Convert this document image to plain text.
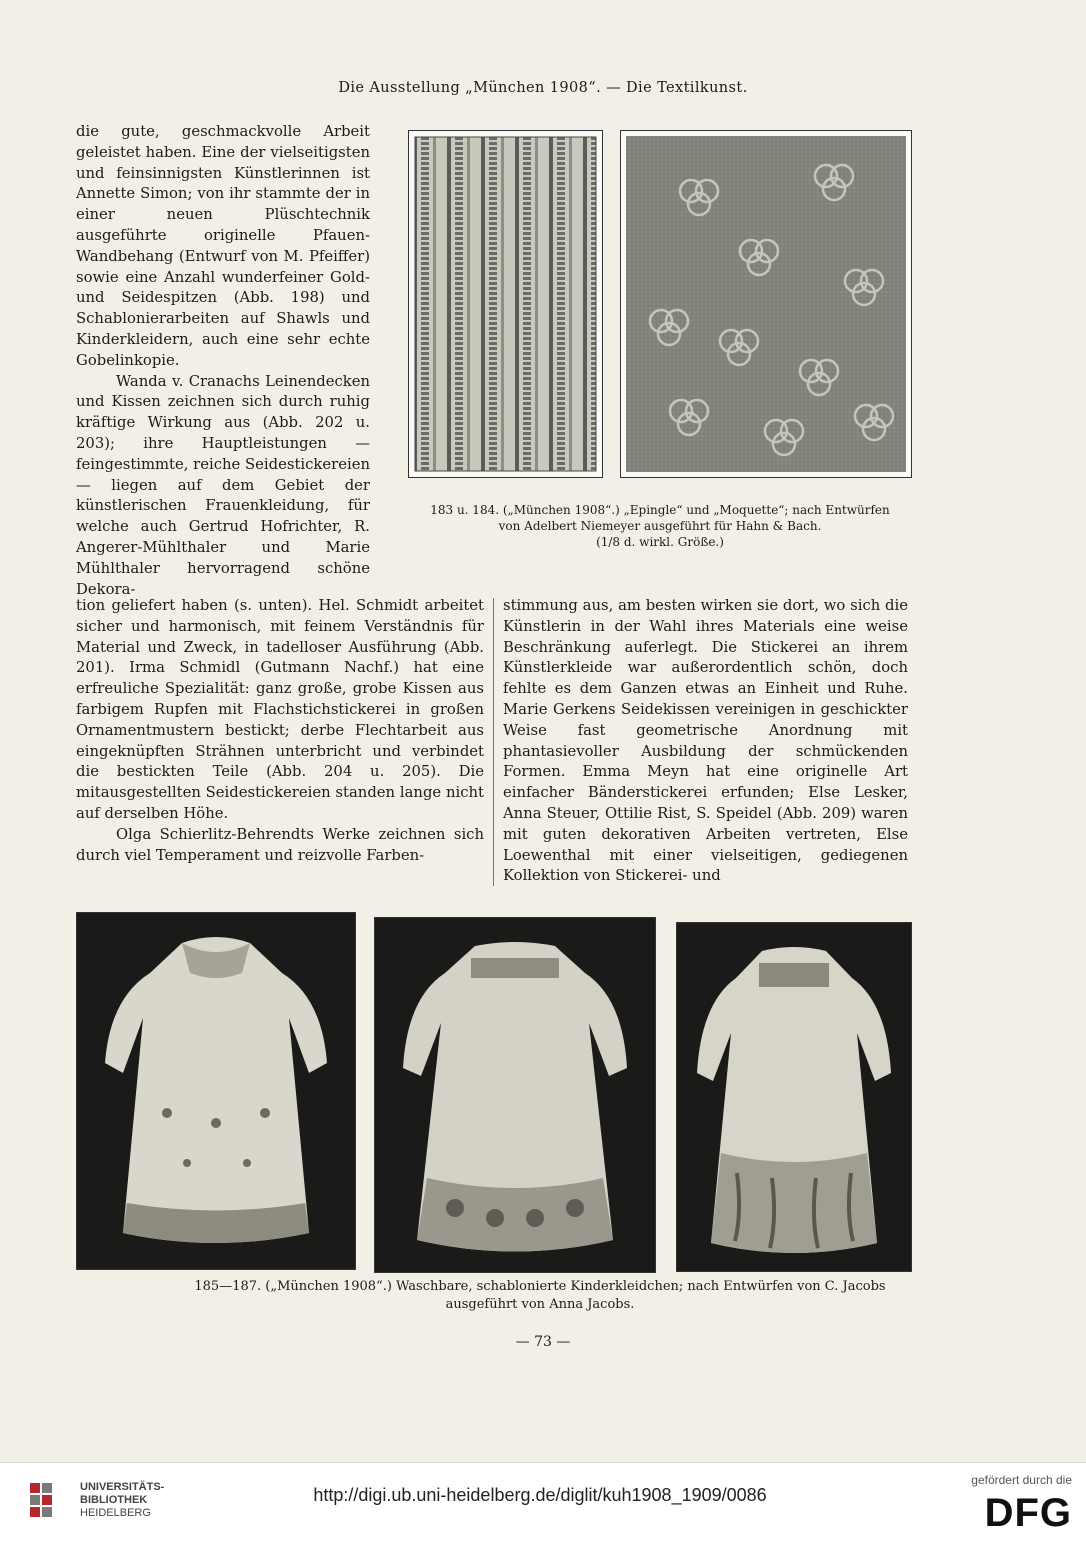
Die Ausstellung „München 1908“. — Die Textilkunst.

die gute, geschmackvolle Arbeit geleistet haben. Eine der vielseitigsten und feinsinnigsten Künstlerinnen ist Annette Simon; von ihr stammte der in einer neuen Plüschtechnik ausgeführte originelle Pfauen-Wandbehang (Entwurf von M. Pfeiffer) sowie eine Anzahl wunderfeiner Gold- und Seidespitzen (Abb. 198) und Schablonierarbeiten auf Shawls und Kinderkleidern, auch eine sehr echte Gobelinkopie.

Wanda v. Cranachs Leinendecken und Kissen zeichnen sich durch ruhig kräftige Wirkung aus (Abb. 202 u. 203); ihre Hauptleistungen — feingestimmte, reiche Seidestickereien — liegen auf dem Gebiet der künstlerischen Frauenkleidung, für welche auch Gertrud Hofrichter, R. Angerer-Mühlthaler und Marie Mühlthaler hervorragend schöne Dekora-

183 u. 184. („München 1908“.) „Epingle“ und „Moquette“; nach Entwürfen
von Adelbert Niemeyer ausgeführt für Hahn & Bach.
(1/8 d. wirkl. Größe.)

tion geliefert haben (s. unten). Hel. Schmidt arbeitet sicher und harmonisch, mit feinem Verständnis für Material und Zweck, in tadelloser Ausführung (Abb. 201). Irma Schmidl (Gutmann Nachf.) hat eine erfreuliche Spezialität: ganz große, grobe Kissen aus farbigem Rupfen mit Flachstichstickerei in großen Ornamentmustern bestickt; derbe Flechtarbeit aus eingeknüpften Strähnen unterbricht und verbindet die bestickten Teile (Abb. 204 u. 205). Die mitausgestellten Seidestickereien standen lange nicht auf derselben Höhe.

Olga Schierlitz-Behrendts Werke zeichnen sich durch viel Temperament und reizvolle Farben-

stimmung aus, am besten wirken sie dort, wo sich die Künstlerin in der Wahl ihres Materials eine weise Beschränkung auferlegt. Die Stickerei an ihrem Künstlerkleide war außerordentlich schön, doch fehlte es dem Ganzen etwas an Einheit und Ruhe. Marie Gerkens Seidekissen vereinigen in geschickter Weise fast geometrische Anordnung mit phantasievoller Ausbildung der schmückenden Formen. Emma Meyn hat eine originelle Art einfacher Bänderstickerei erfunden; Else Lesker, Anna Steuer, Ottilie Rist, S. Speidel (Abb. 209) waren mit guten dekorativen Arbeiten vertreten, Else Loewenthal mit einer vielseitigen, gediegenen Kollektion von Stickerei- und

185—187. („München 1908“.) Waschbare, schablonierte Kinderkleidchen; nach Entwürfen von C. Jacobs
ausgeführt von Anna Jacobs.
— 73 —
UNIVERSITÄTS-
BIBLIOTHEK
HEIDELBERG
http://digi.ub.uni-heidelberg.de/diglit/kuh1908_1909/0086
gefördert durch die
DFG
